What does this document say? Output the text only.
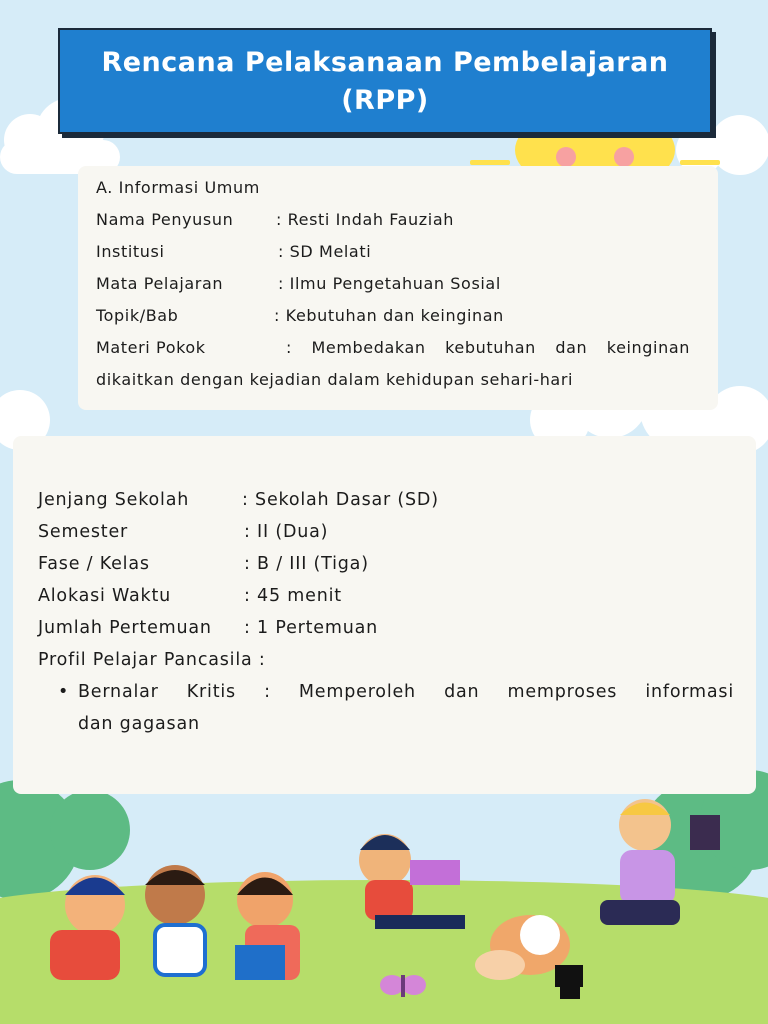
Rencana Pelaksanaan Pembelajaran
(RPP)
A. Informasi Umum
Nama Penyusun	: Resti Indah Fauziah
Institusi	: SD Melati
Mata Pelajaran	: Ilmu Pengetahuan Sosial
Topik/Bab	: Kebutuhan dan keinginan
Materi Pokok	: Membedakan kebutuhan dan keinginan
dikaitkan dengan kejadian dalam kehidupan sehari-hari
Jenjang Sekolah	: Sekolah Dasar (SD)
Semester	: II (Dua)
Fase / Kelas	: B / III (Tiga)
Alokasi Waktu	: 45 menit
Jumlah Pertemuan : 1 Pertemuan
Profil Pelajar Pancasila :
• Bernalar Kritis : Memperoleh dan memproses informasi
dan gagasan
